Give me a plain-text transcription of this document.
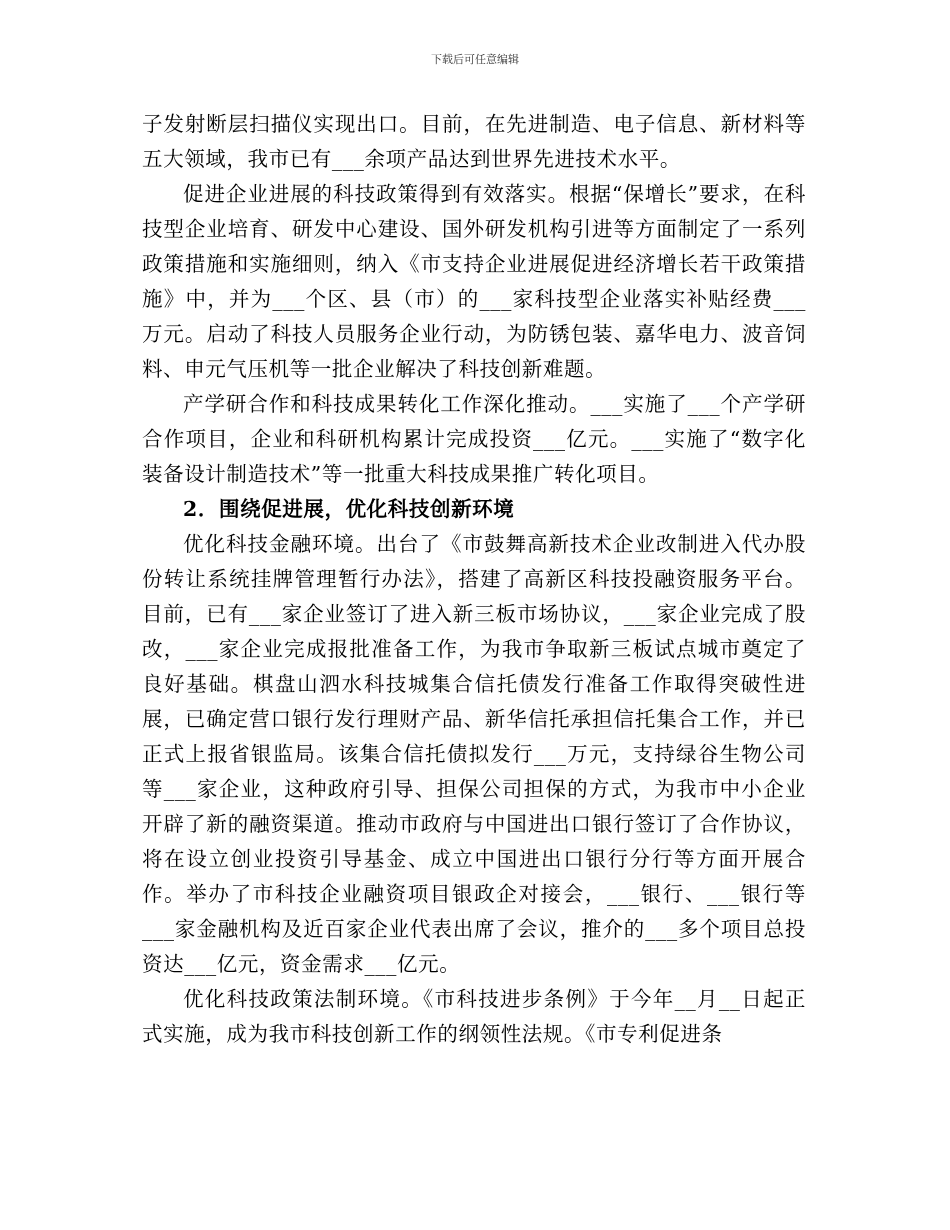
下载后可任意编辑

子发射断层扫描仪实现出口。目前，在先进制造、电子信息、新材料等五大领域，我市已有___余项产品达到世界先进技术水平。

促进企业进展的科技政策得到有效落实。根据“保增长”要求，在科技型企业培育、研发中心建设、国外研发机构引进等方面制定了一系列政策措施和实施细则，纳入《市支持企业进展促进经济增长若干政策措施》中，并为___个区、县（市）的___家科技型企业落实补贴经费___万元。启动了科技人员服务企业行动，为防锈包装、嘉华电力、波音饲料、申元气压机等一批企业解决了科技创新难题。

产学研合作和科技成果转化工作深化推动。___实施了___个产学研合作项目，企业和科研机构累计完成投资___亿元。___实施了“数字化装备设计制造技术”等一批重大科技成果推广转化项目。

2．围绕促进展，优化科技创新环境

优化科技金融环境。出台了《市鼓舞高新技术企业改制进入代办股份转让系统挂牌管理暂行办法》，搭建了高新区科技投融资服务平台。目前，已有___家企业签订了进入新三板市场协议，___家企业完成了股改，___家企业完成报批准备工作，为我市争取新三板试点城市奠定了良好基础。棋盘山泗水科技城集合信托债发行准备工作取得突破性进展，已确定营口银行发行理财产品、新华信托承担信托集合工作，并已正式上报省银监局。该集合信托债拟发行___万元，支持绿谷生物公司等___家企业，这种政府引导、担保公司担保的方式，为我市中小企业开辟了新的融资渠道。推动市政府与中国进出口银行签订了合作协议，将在设立创业投资引导基金、成立中国进出口银行分行等方面开展合作。举办了市科技企业融资项目银政企对接会，___银行、___银行等___家金融机构及近百家企业代表出席了会议，推介的___多个项目总投资达___亿元，资金需求___亿元。

优化科技政策法制环境。《市科技进步条例》于今年__月__日起正式实施，成为我市科技创新工作的纲领性法规。《市专利促进条
